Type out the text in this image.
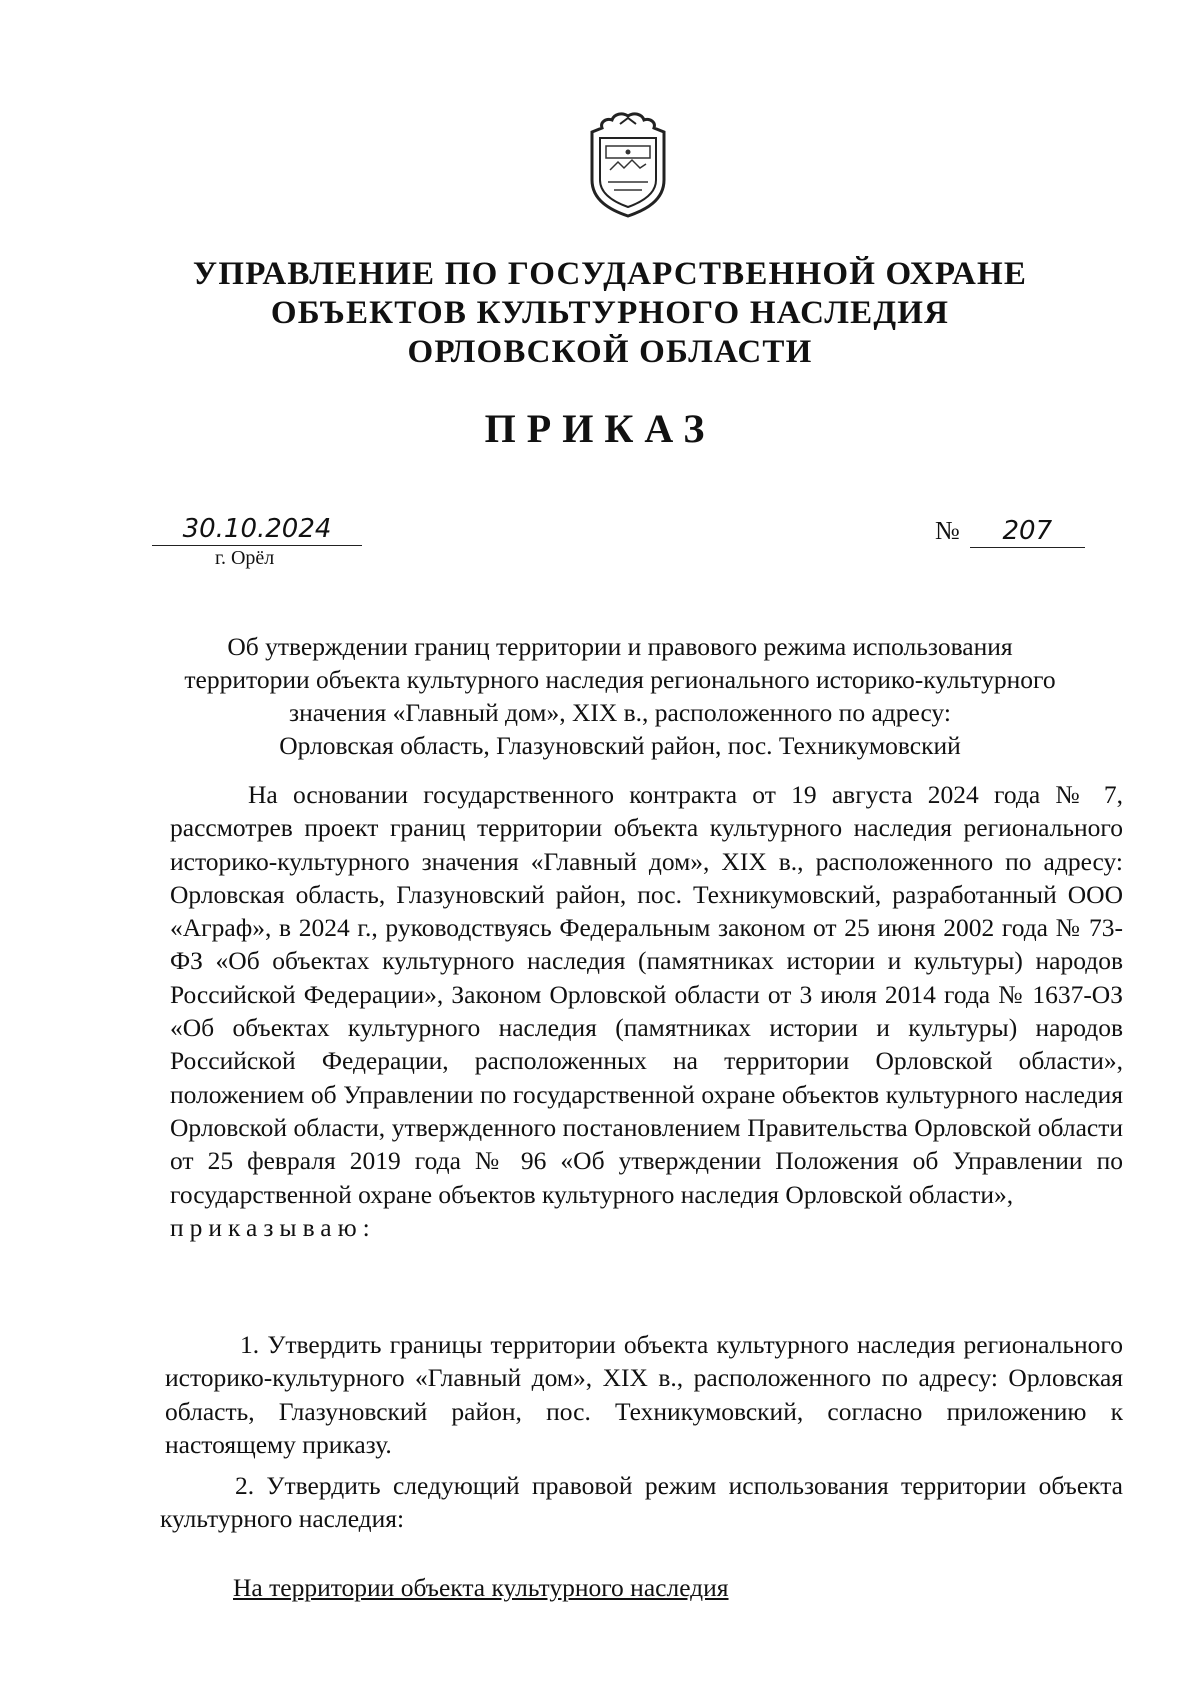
УПРАВЛЕНИЕ ПО ГОСУДАРСТВЕННОЙ ОХРАНЕ
ОБЪЕКТОВ КУЛЬТУРНОГО НАСЛЕДИЯ
ОРЛОВСКОЙ ОБЛАСТИ
ПРИКАЗ
30.10.2024
г. Орёл
№ 207
Об утверждении границ территории и правового режима использования
территории объекта культурного наследия регионального историко-культурного
значения «Главный дом», XIX в., расположенного по адресу:
Орловская область, Глазуновский район, пос. Техникумовский

На основании государственного контракта от 19 августа 2024 года № 7, рассмотрев проект границ территории объекта культурного наследия регионального историко-культурного значения «Главный дом», XIX в., расположенного по адресу: Орловская область, Глазуновский район, пос. Техникумовский, разработанный ООО «Аграф», в 2024 г., руководствуясь Федеральным законом от 25 июня 2002 года № 73-ФЗ «Об объектах культурного наследия (памятниках истории и культуры) народов Российской Федерации», Законом Орловской области от 3 июля 2014 года № 1637-ОЗ «Об объектах культурного наследия (памятниках истории и культуры) народов Российской Федерации, расположенных на территории Орловской области», положением об Управлении по государственной охране объектов культурного наследия Орловской области, утвержденного постановлением Правительства Орловской области от 25 февраля 2019 года № 96 «Об утверждении Положения об Управлении по государственной охране объектов культурного наследия Орловской области»,

приказываю:

1. Утвердить границы территории объекта культурного наследия регионального историко-культурного «Главный дом», XIX в., расположенного по адресу: Орловская область, Глазуновский район, пос. Техникумовский, согласно приложению к настоящему приказу.
2. Утвердить следующий правовой режим использования территории объекта культурного наследия:
На территории объекта культурного наследия
